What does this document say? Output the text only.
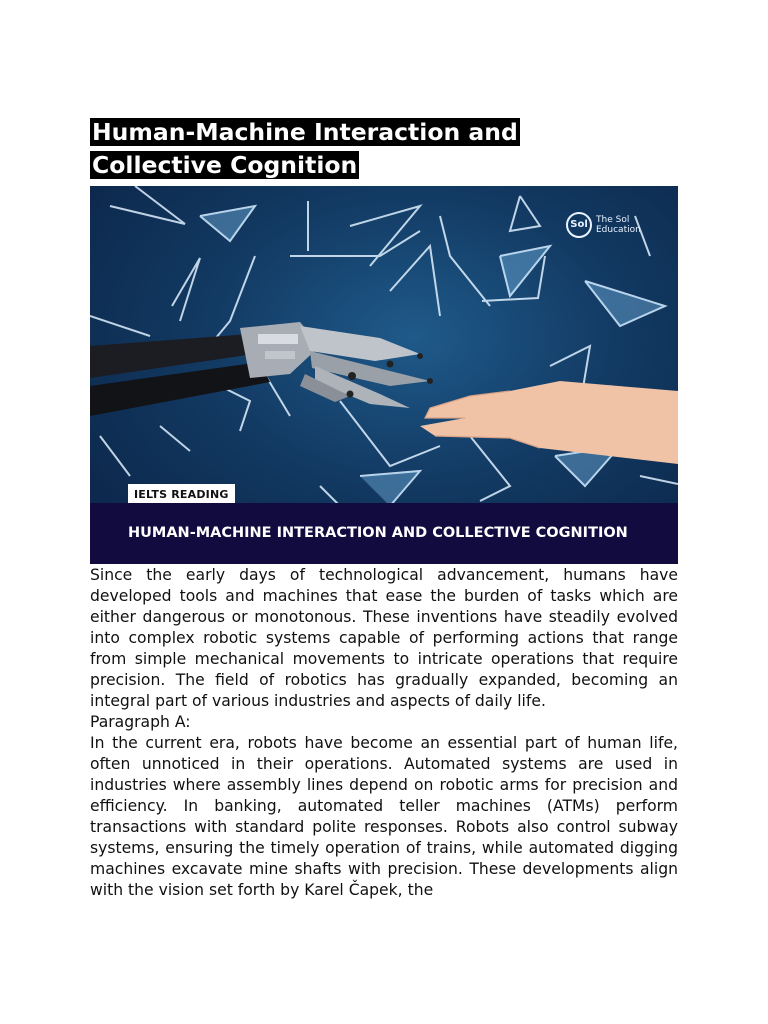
Human-Machine Interaction and Collective Cognition
Sol The Sol Education
IELTS READING
HUMAN-MACHINE INTERACTION AND COLLECTIVE COGNITION

Since the early days of technological advancement, humans have developed tools and machines that ease the burden of tasks which are either dangerous or monotonous. These inventions have steadily evolved into complex robotic systems capable of performing actions that range from simple mechanical movements to intricate operations that require precision. The field of robotics has gradually expanded, becoming an integral part of various industries and aspects of daily life.

Paragraph A:

In the current era, robots have become an essential part of human life, often unnoticed in their operations. Automated systems are used in industries where assembly lines depend on robotic arms for precision and efficiency. In banking, automated teller machines (ATMs) perform transactions with standard polite responses. Robots also control subway systems, ensuring the timely operation of trains, while automated digging machines excavate mine shafts with precision. These developments align with the vision set forth by Karel Čapek, the
